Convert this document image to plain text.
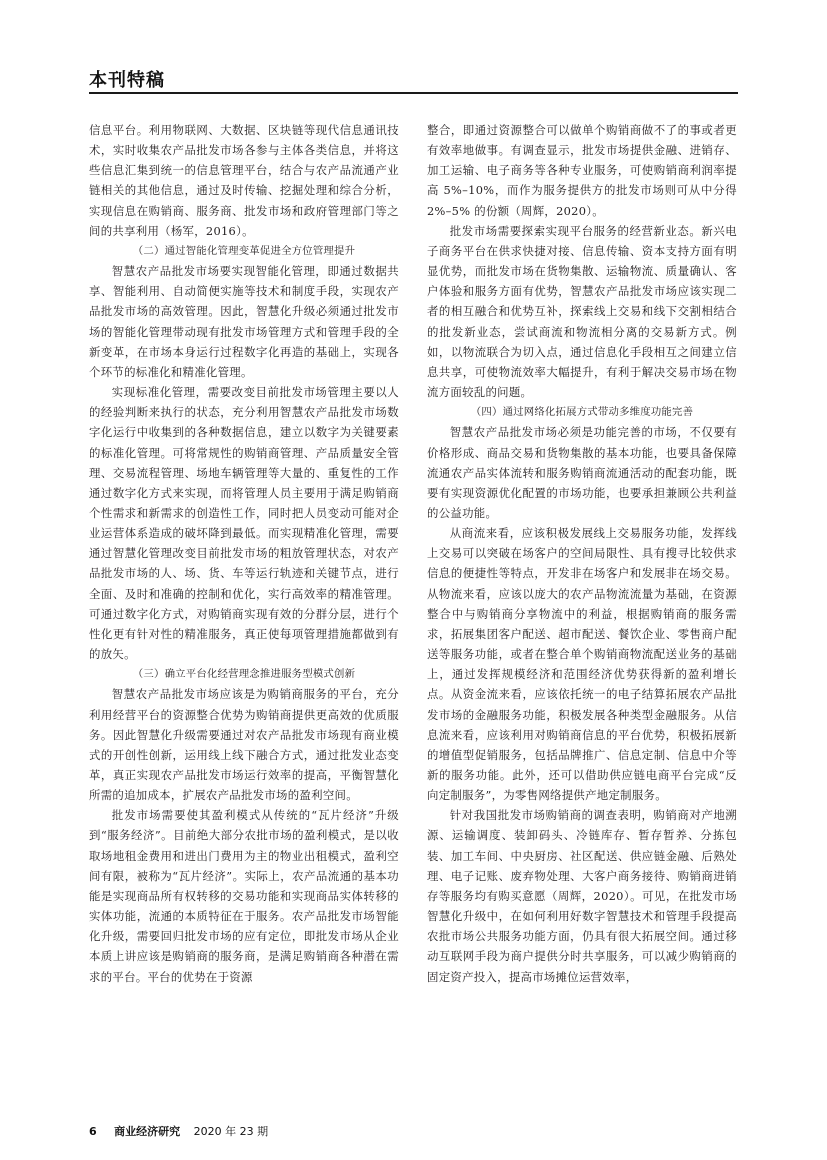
本刊特稿

信息平台。利用物联网、大数据、区块链等现代信息通讯技术，实时收集农产品批发市场各参与主体各类信息，并将这些信息汇集到统一的信息管理平台，结合与农产品流通产业链相关的其他信息，通过及时传输、挖掘处理和综合分析，实现信息在购销商、服务商、批发市场和政府管理部门等之间的共享利用（杨军，2016）。

（二）通过智能化管理变革促进全方位管理提升

智慧农产品批发市场要实现智能化管理，即通过数据共享、智能利用、自动简便实施等技术和制度手段，实现农产品批发市场的高效管理。因此，智慧化升级必须通过批发市场的智能化管理带动现有批发市场管理方式和管理手段的全新变革，在市场本身运行过程数字化再造的基础上，实现各个环节的标准化和精准化管理。

实现标准化管理，需要改变目前批发市场管理主要以人的经验判断来执行的状态，充分利用智慧农产品批发市场数字化运行中收集到的各种数据信息，建立以数字为关键要素的标准化管理。可将常规性的购销商管理、产品质量安全管理、交易流程管理、场地车辆管理等大量的、重复性的工作通过数字化方式来实现，而将管理人员主要用于满足购销商个性需求和新需求的创造性工作，同时把人员变动可能对企业运营体系造成的破坏降到最低。而实现精准化管理，需要通过智慧化管理改变目前批发市场的粗放管理状态，对农产品批发市场的人、场、货、车等运行轨迹和关键节点，进行全面、及时和准确的控制和优化，实行高效率的精准管理。可通过数字化方式，对购销商实现有效的分群分层，进行个性化更有针对性的精准服务，真正使每项管理措施都做到有的放矢。

（三）确立平台化经营理念推进服务型模式创新

智慧农产品批发市场应该是为购销商服务的平台，充分利用经营平台的资源整合优势为购销商提供更高效的优质服务。因此智慧化升级需要通过对农产品批发市场现有商业模式的开创性创新，运用线上线下融合方式，通过批发业态变革，真正实现农产品批发市场运行效率的提高，平衡智慧化所需的追加成本，扩展农产品批发市场的盈利空间。

批发市场需要使其盈利模式从传统的“瓦片经济”升级到“服务经济”。目前绝大部分农批市场的盈利模式，是以收取场地租金费用和进出门费用为主的物业出租模式，盈利空间有限，被称为“瓦片经济”。实际上，农产品流通的基本功能是实现商品所有权转移的交易功能和实现商品实体转移的实体功能，流通的本质特征在于服务。农产品批发市场智能化升级，需要回归批发市场的应有定位，即批发市场从企业本质上讲应该是购销商的服务商，是满足购销商各种潜在需求的平台。平台的优势在于资源

整合，即通过资源整合可以做单个购销商做不了的事或者更有效率地做事。有调查显示，批发市场提供金融、进销存、加工运输、电子商务等各种专业服务，可使购销商利润率提高 5%–10%，而作为服务提供方的批发市场则可从中分得 2%–5% 的份额（周辉，2020）。

批发市场需要探索实现平台服务的经营新业态。新兴电子商务平台在供求快捷对接、信息传输、资本支持方面有明显优势，而批发市场在货物集散、运输物流、质量确认、客户体验和服务方面有优势，智慧农产品批发市场应该实现二者的相互融合和优势互补，探索线上交易和线下交割相结合的批发新业态，尝试商流和物流相分离的交易新方式。例如，以物流联合为切入点，通过信息化手段相互之间建立信息共享，可使物流效率大幅提升，有利于解决交易市场在物流方面较乱的问题。

（四）通过网络化拓展方式带动多维度功能完善

智慧农产品批发市场必须是功能完善的市场，不仅要有价格形成、商品交易和货物集散的基本功能，也要具备保障流通农产品实体流转和服务购销商流通活动的配套功能，既要有实现资源优化配置的市场功能，也要承担兼顾公共利益的公益功能。

从商流来看，应该积极发展线上交易服务功能，发挥线上交易可以突破在场客户的空间局限性、具有搜寻比较供求信息的便捷性等特点，开发非在场客户和发展非在场交易。从物流来看，应该以庞大的农产品物流流量为基础，在资源整合中与购销商分享物流中的利益，根据购销商的服务需求，拓展集团客户配送、超市配送、餐饮企业、零售商户配送等服务功能，或者在整合单个购销商物流配送业务的基础上，通过发挥规模经济和范围经济优势获得新的盈利增长点。从资金流来看，应该依托统一的电子结算拓展农产品批发市场的金融服务功能，积极发展各种类型金融服务。从信息流来看，应该利用对购销商信息的平台优势，积极拓展新的增值型促销服务，包括品牌推广、信息定制、信息中介等新的服务功能。此外，还可以借助供应链电商平台完成“反向定制服务”，为零售网络提供产地定制服务。

针对我国批发市场购销商的调查表明，购销商对产地溯源、运输调度、装卸码头、冷链库存、暂存暂养、分拣包装、加工车间、中央厨房、社区配送、供应链金融、后熟处理、电子记账、废弃物处理、大客户商务接待、购销商进销存等服务均有购买意愿（周辉，2020）。可见，在批发市场智慧化升级中，在如何利用好数字智慧技术和管理手段提高农批市场公共服务功能方面，仍具有很大拓展空间。通过移动互联网手段为商户提供分时共享服务，可以减少购销商的固定资产投入，提高市场摊位运营效率，

6 商业经济研究 2020 年 23 期
